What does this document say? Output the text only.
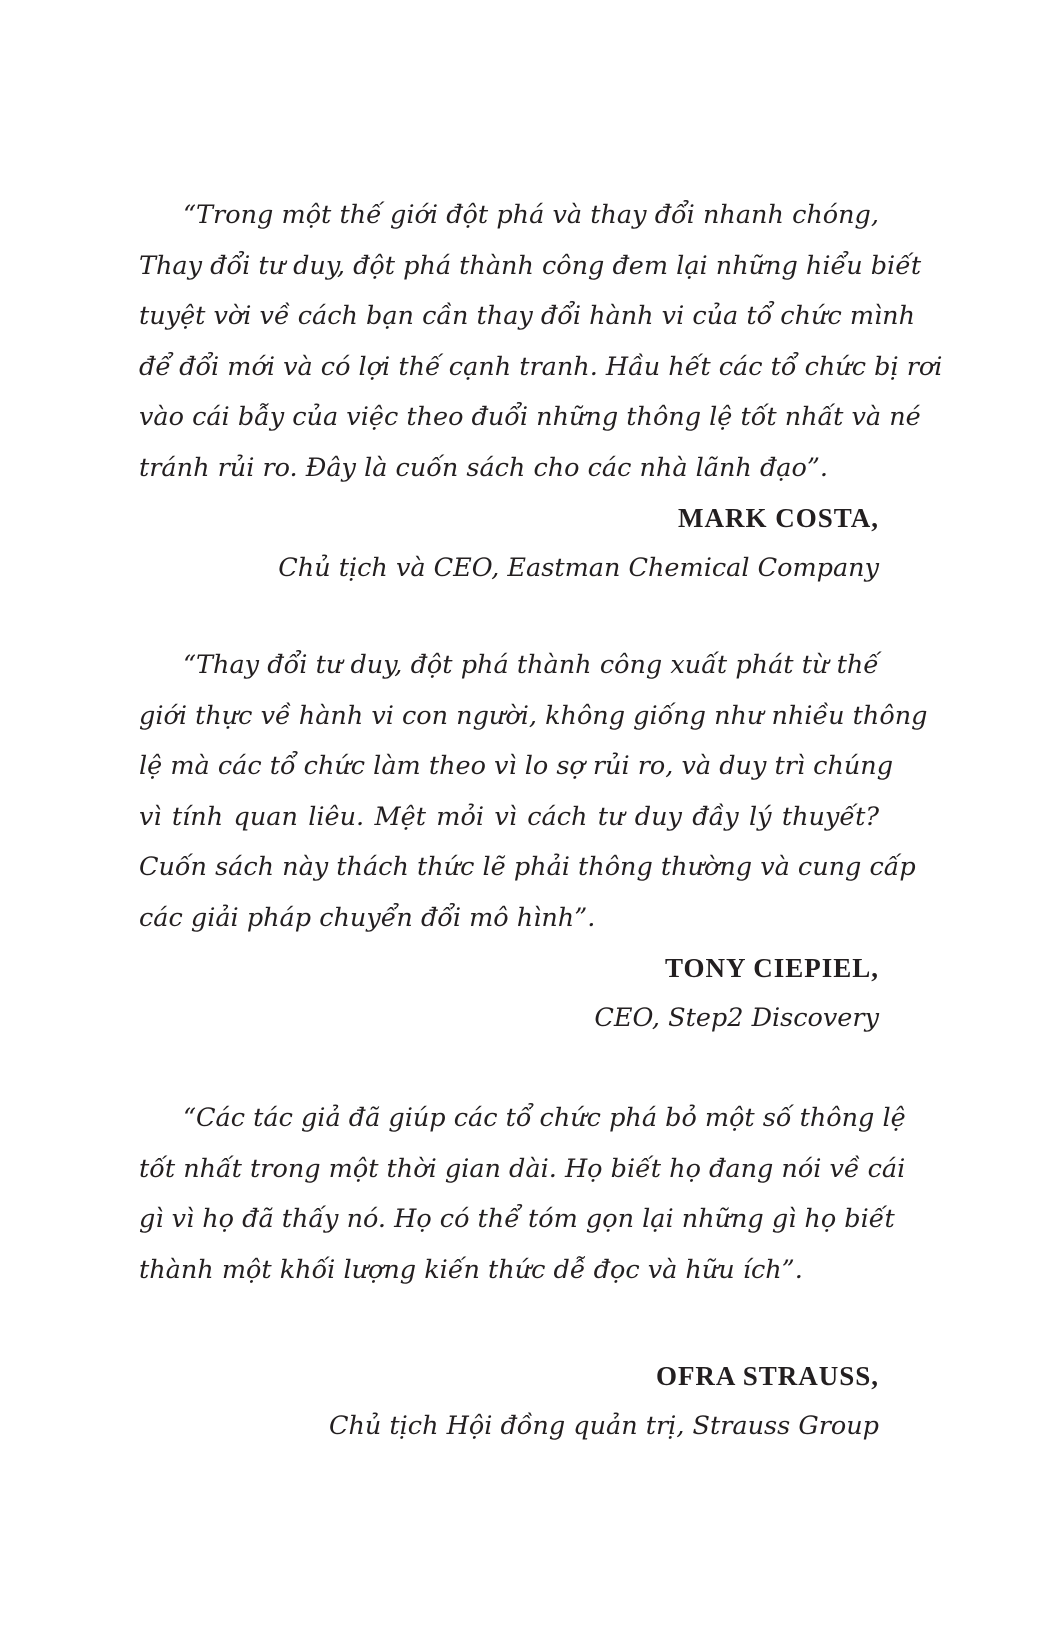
“Trong một thế giới đột phá và thay đổi nhanh chóng,
Thay đổi tư duy, đột phá thành công đem lại những hiểu biết
tuyệt vời về cách bạn cần thay đổi hành vi của tổ chức mình
để đổi mới và có lợi thế cạnh tranh. Hầu hết các tổ chức bị rơi
vào cái bẫy của việc theo đuổi những thông lệ tốt nhất và né
tránh rủi ro. Đây là cuốn sách cho các nhà lãnh đạo”.

MARK COSTA,

Chủ tịch và CEO, Eastman Chemical Company

“Thay đổi tư duy, đột phá thành công xuất phát từ thế
giới thực về hành vi con người, không giống như nhiều thông
lệ mà các tổ chức làm theo vì lo sợ rủi ro, và duy trì chúng
vì tính quan liêu. Mệt mỏi vì cách tư duy đầy lý thuyết?
Cuốn sách này thách thức lẽ phải thông thường và cung cấp
các giải pháp chuyển đổi mô hình”.

TONY CIEPIEL,

CEO, Step2 Discovery

“Các tác giả đã giúp các tổ chức phá bỏ một số thông lệ
tốt nhất trong một thời gian dài. Họ biết họ đang nói về cái
gì vì họ đã thấy nó. Họ có thể tóm gọn lại những gì họ biết
thành một khối lượng kiến thức dễ đọc và hữu ích”.

OFRA STRAUSS,

Chủ tịch Hội đồng quản trị, Strauss Group
